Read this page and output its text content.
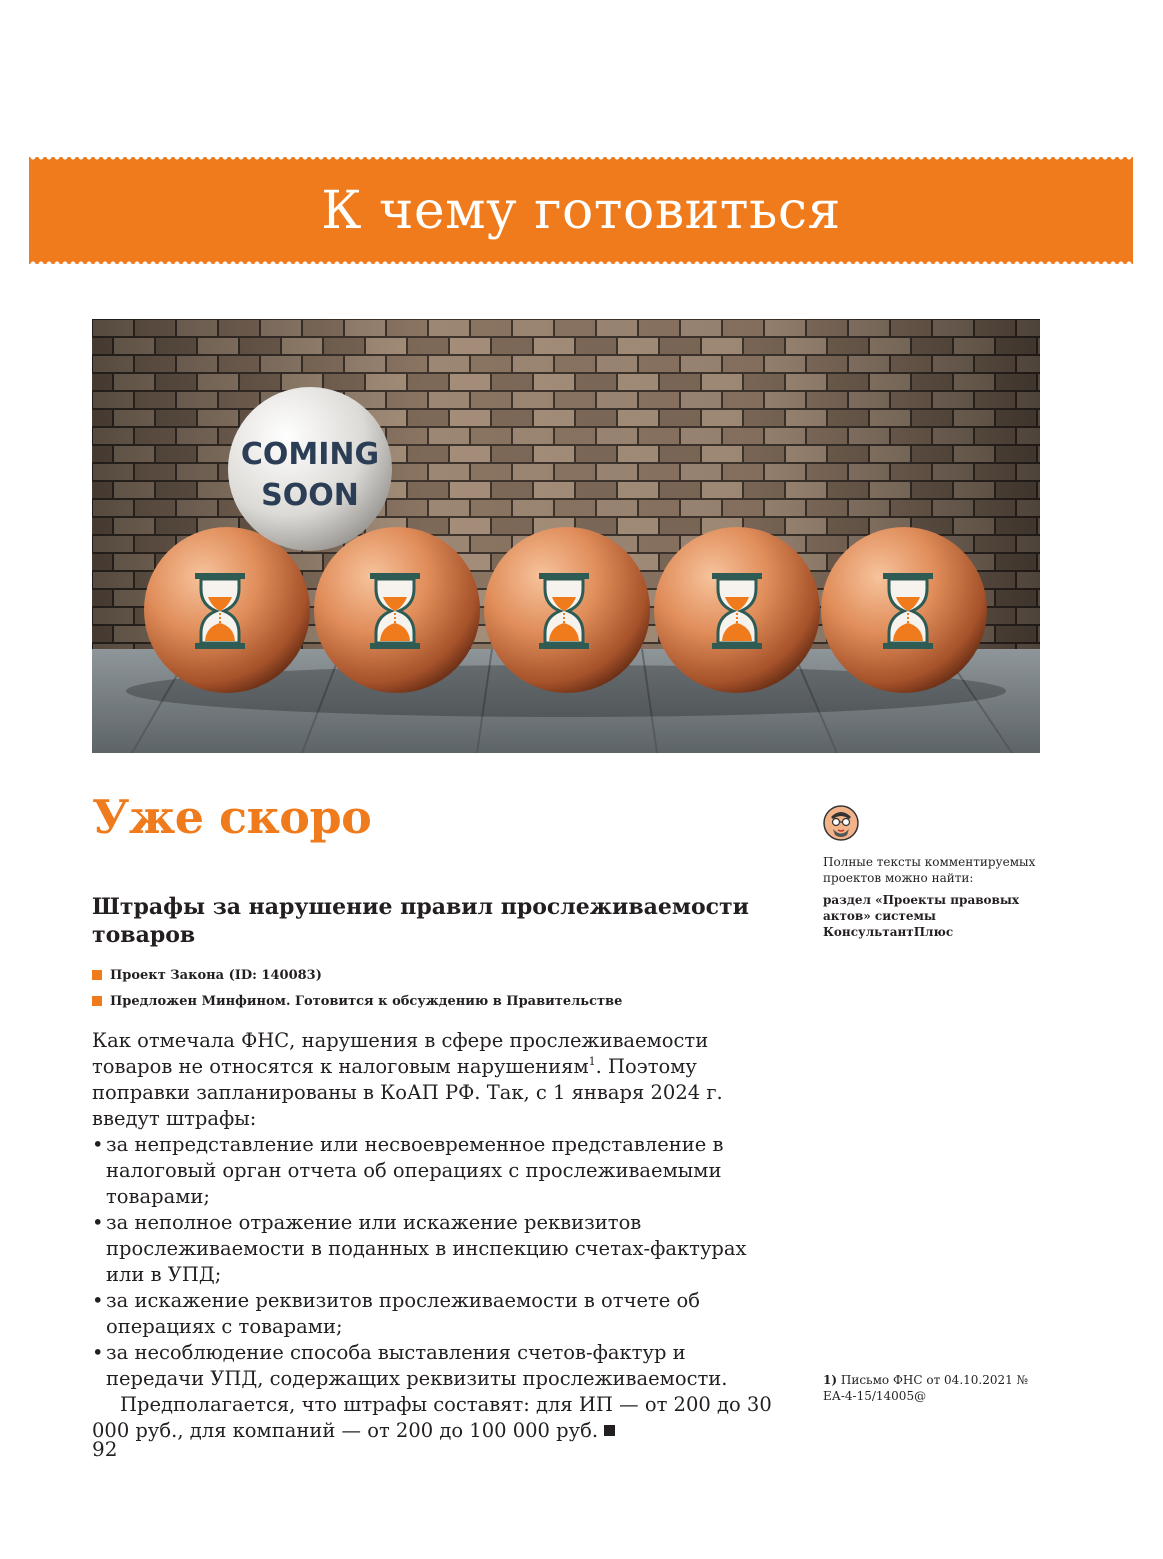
К чему готовиться
COMING
SOON
Уже скоро
Штрафы за нарушение правил прослеживаемости товаров
Проект Закона (ID: 140083)
Предложен Минфином. Готовится к обсуждению в Правительстве

Как отмечала ФНС, нарушения в сфере прослеживаемости товаров не относятся к налоговым нарушениям$^1$. Поэтому поправки запланированы в КоАП РФ. Так, с 1 января 2024 г. введут штрафы:

• за непредставление или несвоевременное представление в налоговый орган отчета об операциях с прослеживаемыми товарами;
• за неполное отражение или искажение реквизитов прослеживаемости в поданных в инспекцию счетах-фактурах или в УПД;
• за искажение реквизитов прослеживаемости в отчете об операциях с товарами;
• за несоблюдение способа выставления счетов-фактур и передачи УПД, содержащих реквизиты прослеживаемости.

Предполагается, что штрафы составят: для ИП — от 200 до 30 000 руб., для компаний — от 200 до 100 000 руб.

Полные тексты комментируемых проектов можно найти:
раздел «Проекты правовых актов» системы КонсультантПлюс
1) Письмо ФНС от 04.10.2021 № ЕА-4-15/14005@
92
